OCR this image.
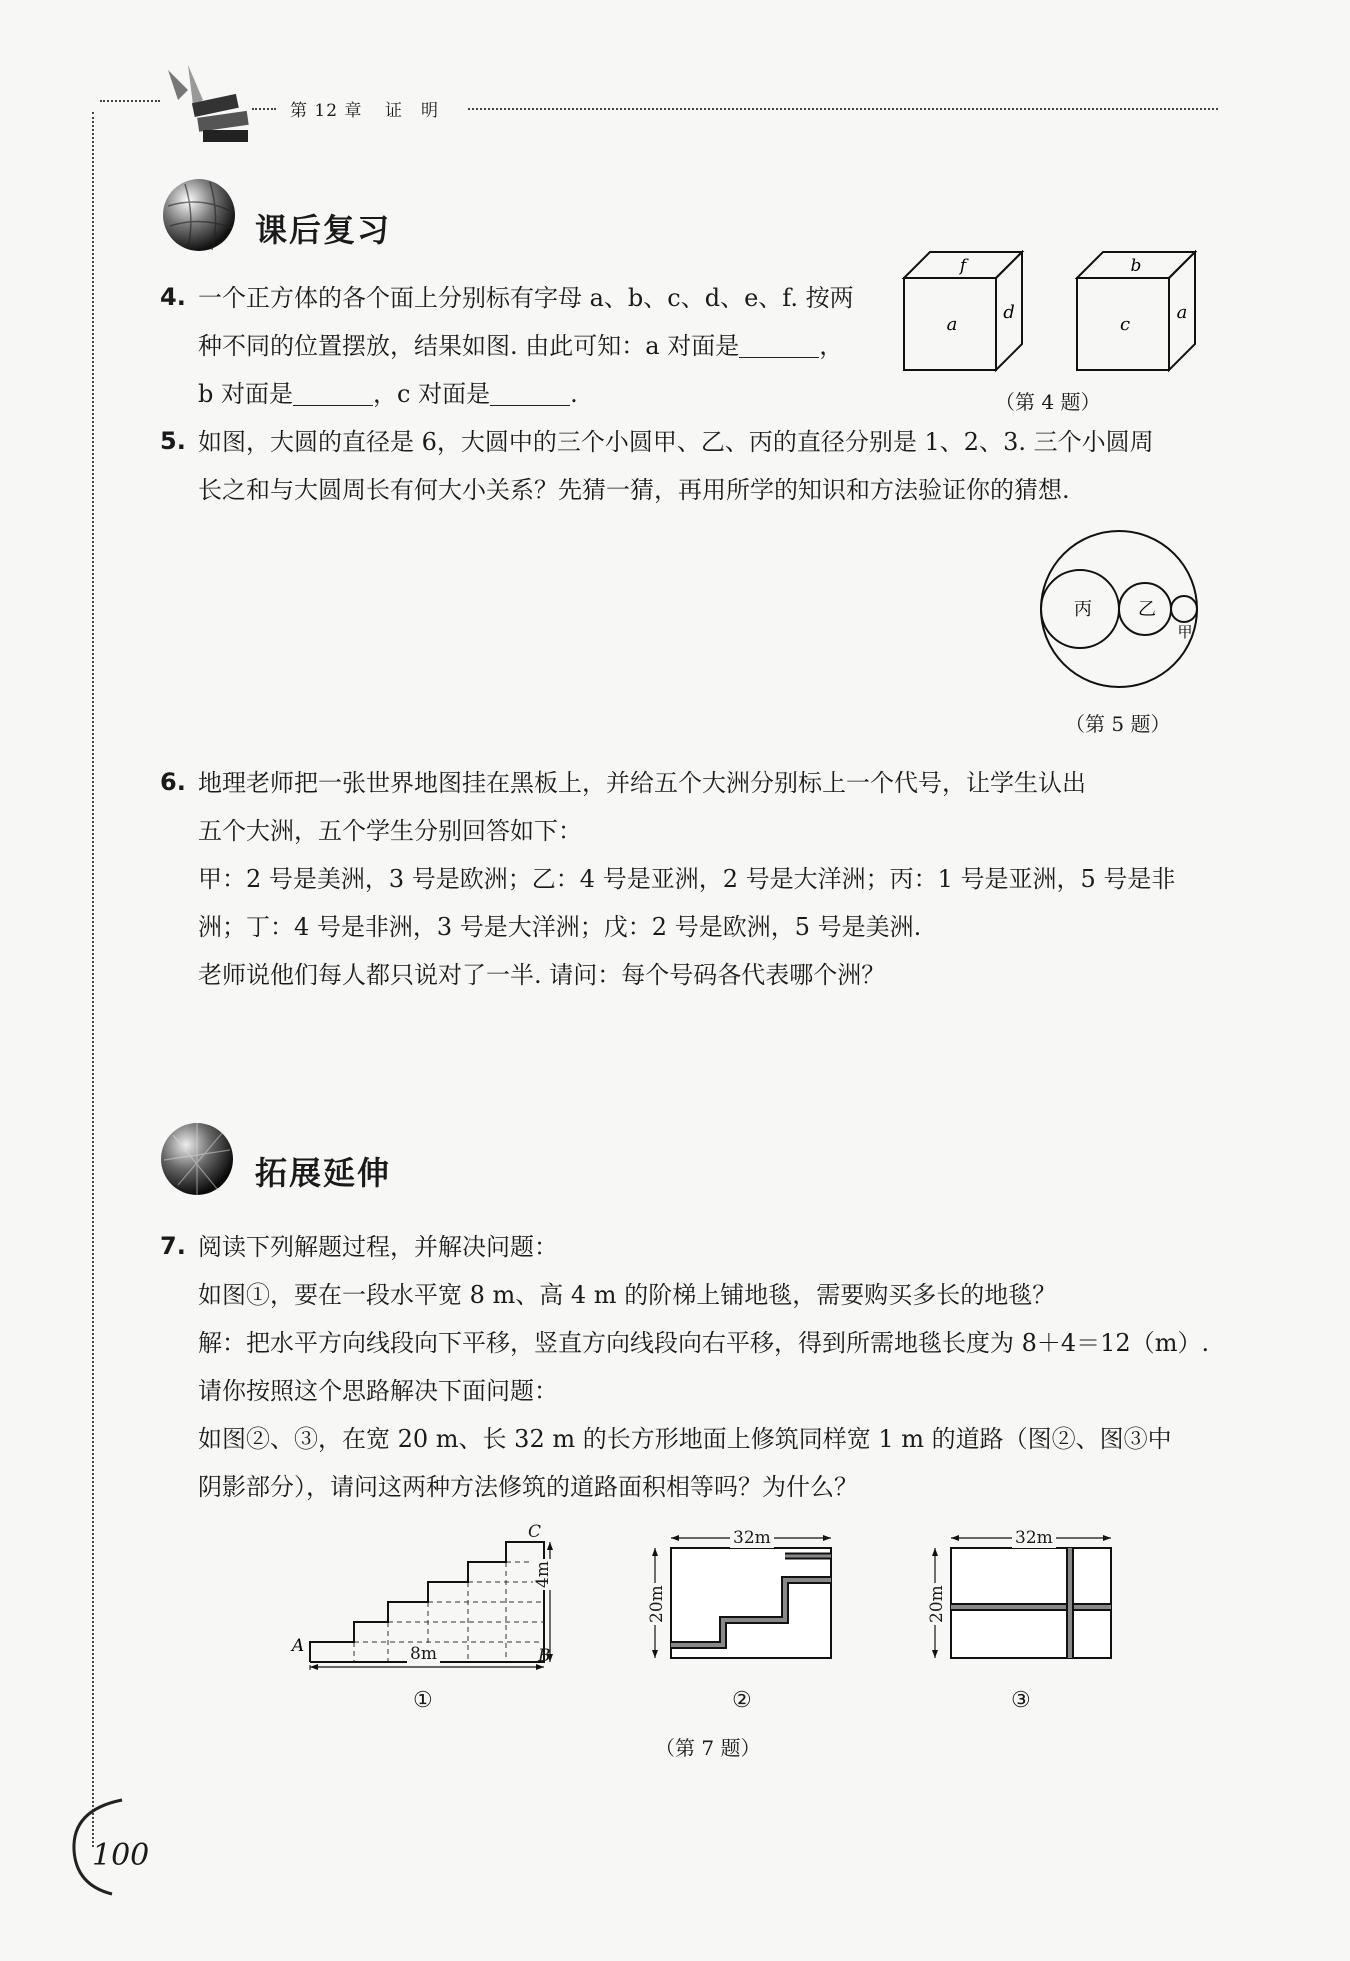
第 12 章 证　明
课后复习
4. 一个正方体的各个面上分别标有字母 a、b、c、d、e、f. 按两
种不同的位置摆放，结果如图. 由此可知：a 对面是	，
b 对面是	，c 对面是	.
f
a
d
b
c
a
（第 4 题）
5. 如图，大圆的直径是 6，大圆中的三个小圆甲、乙、丙的直径分别是 1、2、3. 三个小圆周
长之和与大圆周长有何大小关系？先猜一猜，再用所学的知识和方法验证你的猜想.
丙	乙
甲
（第 5 题）
6. 地理老师把一张世界地图挂在黑板上，并给五个大洲分别标上一个代号，让学生认出
五个大洲，五个学生分别回答如下：
甲：2 号是美洲，3 号是欧洲；乙：4 号是亚洲，2 号是大洋洲；丙：1 号是亚洲，5 号是非
洲；丁：4 号是非洲，3 号是大洋洲；戊：2 号是欧洲，5 号是美洲.
老师说他们每人都只说对了一半. 请问：每个号码各代表哪个洲？
拓展延伸
7. 阅读下列解题过程，并解决问题：
如图①，要在一段水平宽 8 m、高 4 m 的阶梯上铺地毯，需要购买多长的地毯？
解：把水平方向线段向下平移，竖直方向线段向右平移，得到所需地毯长度为 8＋4＝12（m）.
请你按照这个思路解决下面问题：
如图②、③，在宽 20 m、长 32 m 的长方形地面上修筑同样宽 1 m 的道路（图②、图③中
阴影部分），请问这两种方法修筑的道路面积相等吗？为什么？
A	8m	B
C
4m
①
32m
20m
②
32m
20m
③
（第 7 题）
100
